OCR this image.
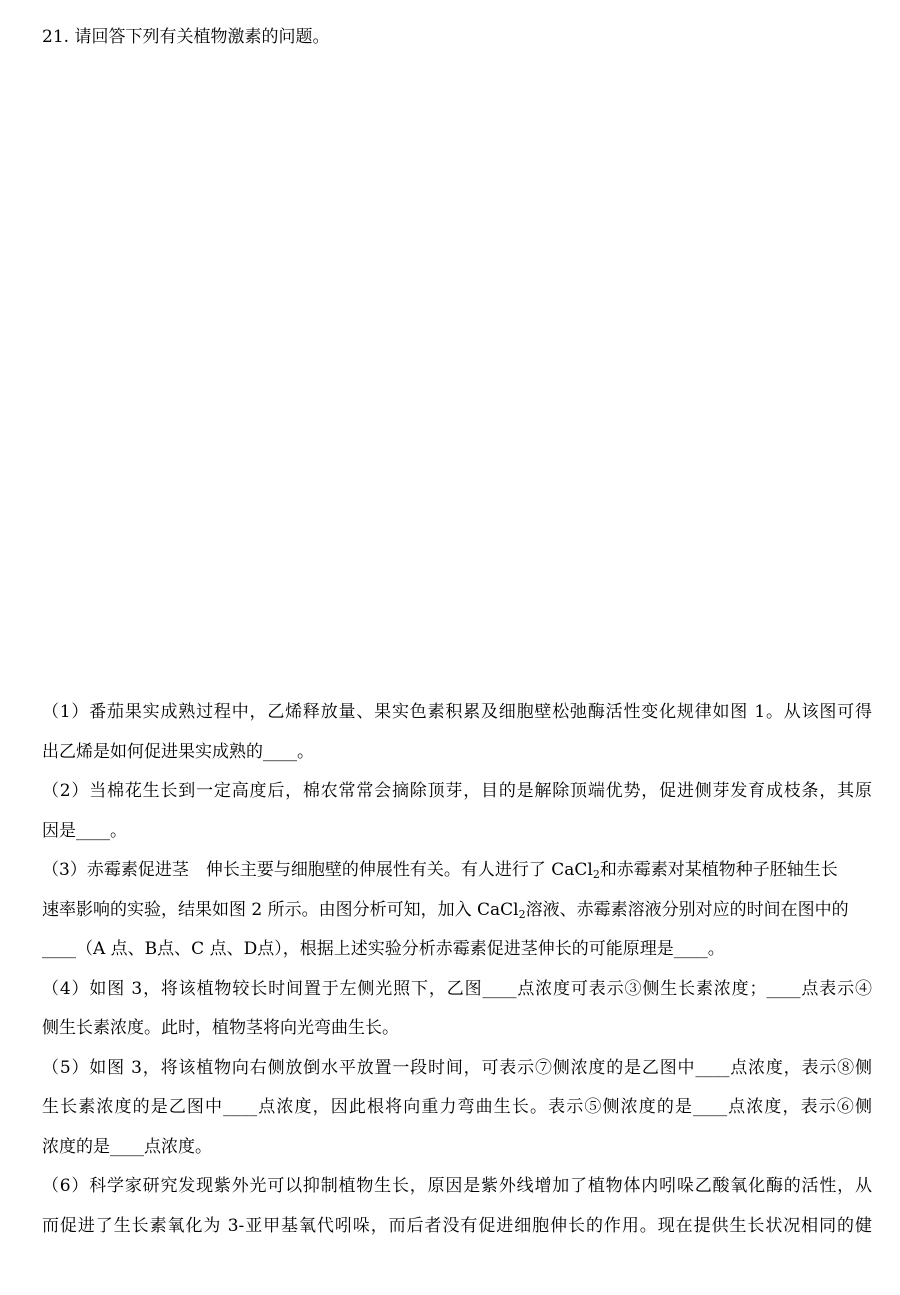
21. 请回答下列有关植物激素的问题。
（1）番茄果实成熟过程中，乙烯释放量、果实色素积累及细胞壁松弛酶活性变化规律如图 1。从该图可得
出乙烯是如何促进果实成熟的____。
（2）当棉花生长到一定高度后，棉农常常会摘除顶芽，目的是解除顶端优势，促进侧芽发育成枝条，其原
因是____。
（3）赤霉素促进茎　伸长主要与细胞壁的伸展性有关。有人进行了 CaCl$_2$和赤霉素对某植物种子胚轴生长
速率影响的实验，结果如图 2 所示。由图分析可知，加入 CaCl$_2$溶液、赤霉素溶液分别对应的时间在图中的
____（A 点、B点、C 点、D点），根据上述实验分析赤霉素促进茎伸长的可能原理是____。
（4）如图 3，将该植物较长时间置于左侧光照下，乙图____点浓度可表示③侧生长素浓度；____点表示④
侧生长素浓度。此时，植物茎将向光弯曲生长。
（5）如图 3，将该植物向右侧放倒水平放置一段时间，可表示⑦侧浓度的是乙图中____点浓度，表示⑧侧
生长素浓度的是乙图中____点浓度，因此根将向重力弯曲生长。表示⑤侧浓度的是____点浓度，表示⑥侧
浓度的是____点浓度。
（6）科学家研究发现紫外光可以抑制植物生长，原因是紫外线增加了植物体内吲哚乙酸氧化酶的活性，从
而促进了生长素氧化为 3-亚甲基氧代吲哚，而后者没有促进细胞伸长的作用。现在提供生长状况相同的健
